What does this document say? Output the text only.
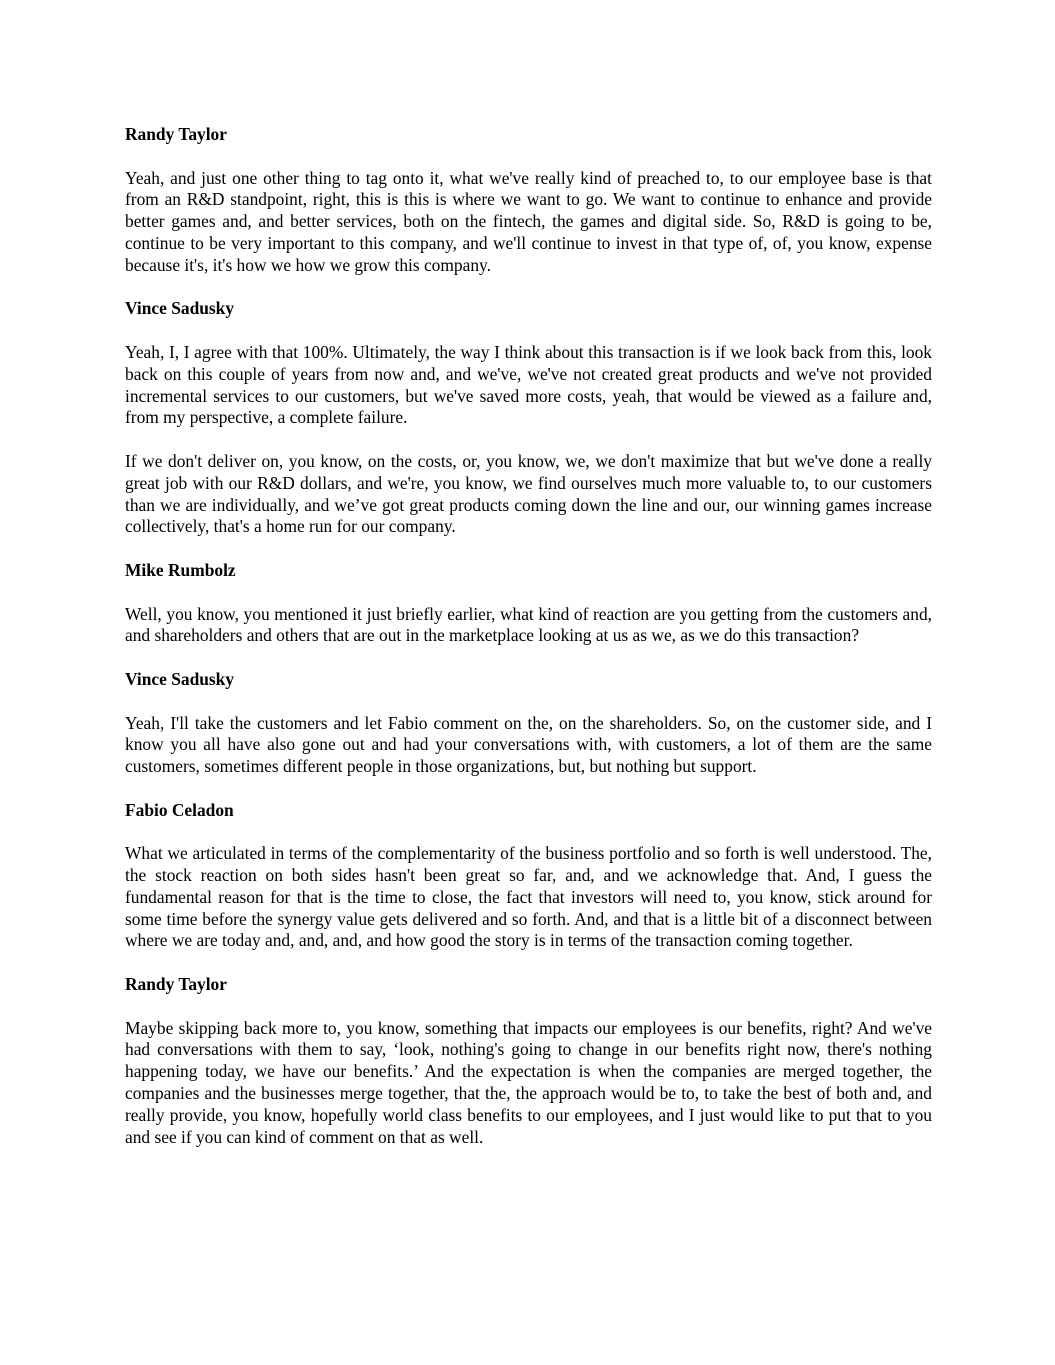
Randy Taylor

Yeah, and just one other thing to tag onto it, what we've really kind of preached to, to our employee base is that from an R&D standpoint, right, this is this is where we want to go. We want to continue to enhance and provide better games and, and better services, both on the fintech, the games and digital side. So, R&D is going to be, continue to be very important to this company, and we'll continue to invest in that type of, of, you know, expense because it's, it's how we how we grow this company.

Vince Sadusky

Yeah, I, I agree with that 100%. Ultimately, the way I think about this transaction is if we look back from this, look back on this couple of years from now and, and we've, we've not created great products and we've not provided incremental services to our customers, but we've saved more costs, yeah, that would be viewed as a failure and, from my perspective, a complete failure.

If we don't deliver on, you know, on the costs, or, you know, we, we don't maximize that but we've done a really great job with our R&D dollars, and we're, you know, we find ourselves much more valuable to, to our customers than we are individually, and we’ve got great products coming down the line and our, our winning games increase collectively, that's a home run for our company.

Mike Rumbolz

Well, you know, you mentioned it just briefly earlier, what kind of reaction are you getting from the customers and, and shareholders and others that are out in the marketplace looking at us as we, as we do this transaction?

Vince Sadusky

Yeah, I'll take the customers and let Fabio comment on the, on the shareholders. So, on the customer side, and I know you all have also gone out and had your conversations with, with customers, a lot of them are the same customers, sometimes different people in those organizations, but, but nothing but support.

Fabio Celadon

What we articulated in terms of the complementarity of the business portfolio and so forth is well understood. The, the stock reaction on both sides hasn't been great so far, and, and we acknowledge that. And, I guess the fundamental reason for that is the time to close, the fact that investors will need to, you know, stick around for some time before the synergy value gets delivered and so forth. And, and that is a little bit of a disconnect between where we are today and, and, and, and how good the story is in terms of the transaction coming together.

Randy Taylor

Maybe skipping back more to, you know, something that impacts our employees is our benefits, right? And we've had conversations with them to say, ‘look, nothing's going to change in our benefits right now, there's nothing happening today, we have our benefits.’ And the expectation is when the companies are merged together, the companies and the businesses merge together, that the, the approach would be to, to take the best of both and, and really provide, you know, hopefully world class benefits to our employees, and I just would like to put that to you and see if you can kind of comment on that as well.
